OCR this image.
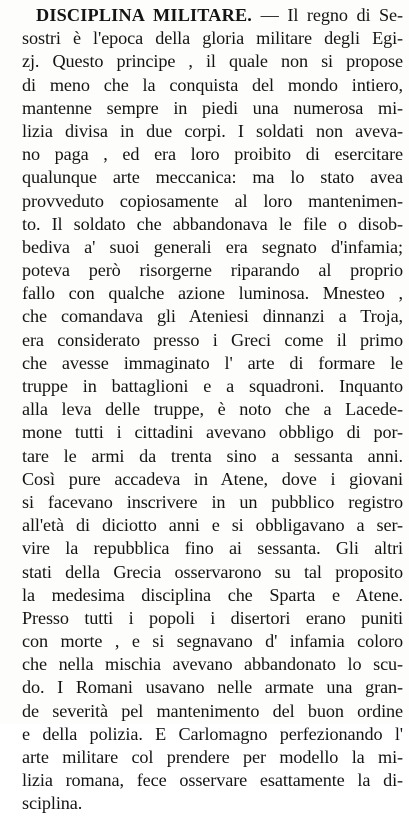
DISCIPLINA MILITARE. — Il regno di Se-
sostri è l'epoca della gloria militare degli Egi-
zj. Questo principe , il quale non si propose
di meno che la conquista del mondo intiero,
mantenne sempre in piedi una numerosa mi-
lizia divisa in due corpi. I soldati non aveva-
no paga , ed era loro proibito di esercitare
qualunque arte meccanica: ma lo stato avea
provveduto copiosamente al loro mantenimen-
to. Il soldato che abbandonava le file o disob-
bediva a' suoi generali era segnato d'infamia;
poteva però risorgerne riparando al proprio
fallo con qualche azione luminosa. Mnesteo ,
che comandava gli Ateniesi dinnanzi a Troja,
era considerato presso i Greci come il primo
che avesse immaginato l' arte di formare le
truppe in battaglioni e a squadroni. Inquanto
alla leva delle truppe, è noto che a Lacede-
mone tutti i cittadini avevano obbligo di por-
tare le armi da trenta sino a sessanta anni.
Così pure accadeva in Atene, dove i giovani
si facevano inscrivere in un pubblico registro
all'età di diciotto anni e si obbligavano a ser-
vire la repubblica fino ai sessanta. Gli altri
stati della Grecia osservarono su tal proposito
la medesima disciplina che Sparta e Atene.
Presso tutti i popoli i disertori erano puniti
con morte , e si segnavano d' infamia coloro
che nella mischia avevano abbandonato lo scu-
do. I Romani usavano nelle armate una gran-
de severità pel mantenimento del buon ordine
e della polizia. E Carlomagno perfezionando l'
arte militare col prendere per modello la mi-
lizia romana, fece osservare esattamente la di-
sciplina.
